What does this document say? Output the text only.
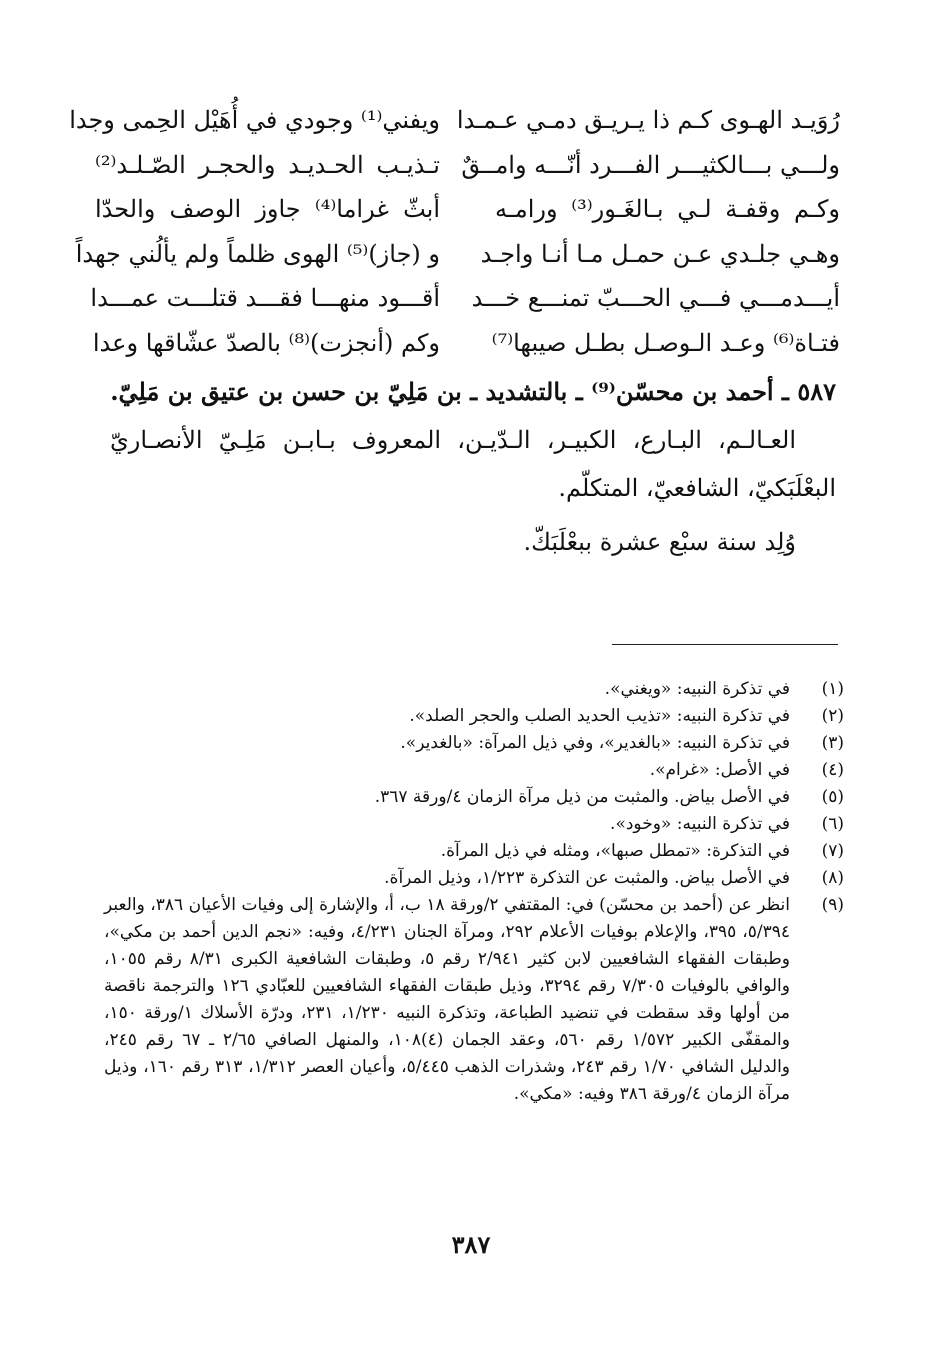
رُوَيـد الهـوى كـم ذا يـريـق دمـي عـمـدا
ويفني⁽¹⁾ وجودي في أُهَيْل الحِمى وجدا
ولـــي بـــالكثيـــر الفـــرد أنّـــه وامــقٌ
تـذيـب الحـديـد والحجـر الصّـلـد⁽²⁾
وكـم وقفـة لـي بـالغَـور⁽³⁾ ورامـه
أبثّ غراما⁽⁴⁾ جاوز الوصف والحدّا
وهـي جلـدي عـن حمـل مـا أنـا واجـد
و (جاز)⁽⁵⁾ الهوى ظلماً ولم يألُني جهداً
أيـــدمـــي فـــي الحـــبّ تمنـــع خـــد
أقـــود منهـــا فقـــد قتلـــت عمـــدا
فتـاة⁽⁶⁾ وعـد الـوصـل بطـل صيبها⁽⁷⁾
وكم (أنجزت)⁽⁸⁾ بالصدّ عشّاقها وعدا

٥٨٧ ـ أحمد بن محسّن⁽⁹⁾ ـ بالتشديد ـ بن مَلِيّ بن حسن بن عتيق بن مَلِيّ.

العـالـم، البـارع، الكبيـر، الـدّيـن، المعروف بـابـن مَلِـيّ الأنصـاريّ البعْلَبَكيّ، الشافعيّ، المتكلّم.

وُلِد سنة سبْع عشرة ببعْلَبَكّ.

(١)
في تذكرة النبيه: «ويغني».
(٢)
في تذكرة النبيه: «تذيب الحديد الصلب والحجر الصلد».
(٣)
في تذكرة النبيه: «بالغدير»، وفي ذيل المرآة: «بالغدير».
(٤)
في الأصل: «غرام».
(٥)
في الأصل بياض. والمثبت من ذيل مرآة الزمان ٤/ورقة ٣٦٧.
(٦)
في تذكرة النبيه: «وخود».
(٧)
في التذكرة: «تمطل صبها»، ومثله في ذيل المرآة.
(٨)
في الأصل بياض. والمثبت عن التذكرة ١/٢٢٣، وذيل المرآة.
(٩)
انظر عن (أحمد بن محسّن) في: المقتفي ٢/ورقة ١٨ ب، أ، والإشارة إلى وفيات الأعيان ٣٨٦، والعبر ٥/٣٩٤، ٣٩٥، والإعلام بوفيات الأعلام ٢٩٢، ومرآة الجنان ٤/٢٣١، وفيه: «نجم الدين أحمد بن مكي»، وطبقات الفقهاء الشافعيين لابن كثير ٢/٩٤١ رقم ٥، وطبقات الشافعية الكبرى ٨/٣١ رقم ١٠٥٥، والوافي بالوفيات ٧/٣٠٥ رقم ٣٢٩٤، وذيل طبقات الفقهاء الشافعيين للعبّادي ١٢٦ والترجمة ناقصة من أولها وقد سقطت في تنضيد الطباعة، وتذكرة النبيه ١/٢٣٠، ٢٣١، ودرّة الأسلاك ١/ورقة ١٥٠، والمقفّى الكبير ١/٥٧٢ رقم ٥٦٠، وعقد الجمان (٤)١٠٨، والمنهل الصافي ٢/٦٥ ـ ٦٧ رقم ٢٤٥، والدليل الشافي ١/٧٠ رقم ٢٤٣، وشذرات الذهب ٥/٤٤٥، وأعيان العصر ١/٣١٢، ٣١٣ رقم ١٦٠، وذيل مرآة الزمان ٤/ورقة ٣٨٦ وفيه: «مكي».
٣٨٧
